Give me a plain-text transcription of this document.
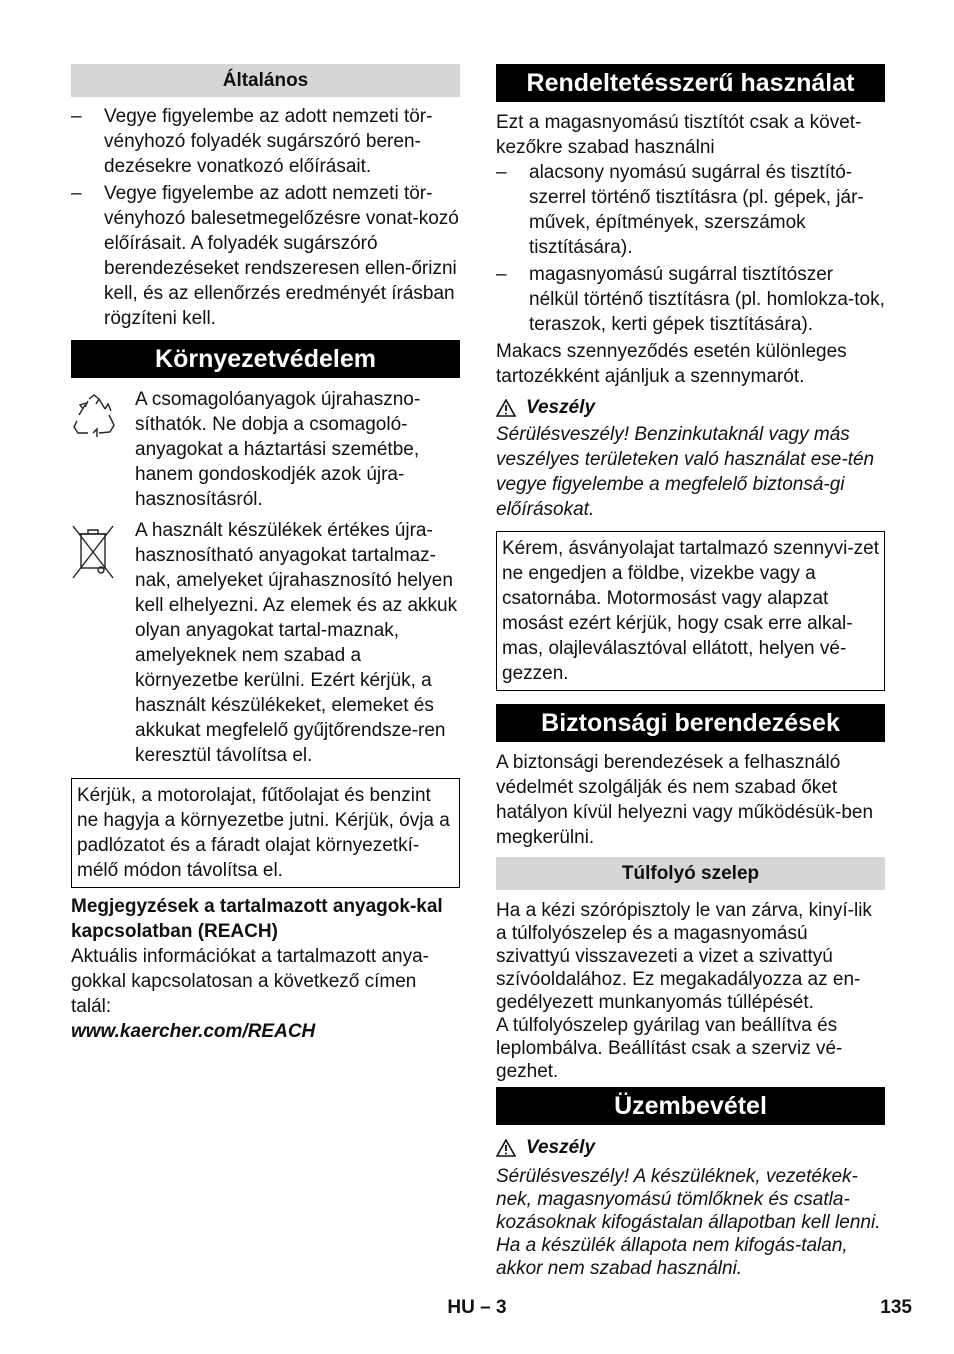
Általános
– Vegye figyelembe az adott nemzeti tör-vényhozó folyadék sugárszóró beren-dezésekre vonatkozó előírásait.
– Vegye figyelembe az adott nemzeti tör-vényhozó balesetmegelőzésre vonat-kozó előírásait. A folyadék sugárszóró berendezéseket rendszeresen ellen-őrizni kell, és az ellenőrzés eredményét írásban rögzíteni kell.
Környezetvédelem

A csomagolóanyagok újrahaszno-síthatók. Ne dobja a csomagoló-anyagokat a háztartási szemétbe, hanem gondoskodjék azok újra-hasznosításról.

A használt készülékek értékes újra-hasznosítható anyagokat tartalmaz-nak, amelyeket újrahasznosító helyen kell elhelyezni. Az elemek és az akkuk olyan anyagokat tartal-maznak, amelyeknek nem szabad a környezetbe kerülni. Ezért kérjük, a használt készülékeket, elemeket és akkukat megfelelő gyűjtőrendsze-ren keresztül távolítsa el.

Kérjük, a motorolajat, fűtőolajat és benzint ne hagyja a környezetbe jutni. Kérjük, óvja a padlózatot és a fáradt olajat környezetkí-mélő módon távolítsa el.

Megjegyzések a tartalmazott anyagok-kal kapcsolatban (REACH)

Aktuális információkat a tartalmazott anya-gokkal kapcsolatosan a következő címen talál:

www.kaercher.com/REACH

Rendeltetésszerű használat

Ezt a magasnyomású tisztítót csak a követ-kezőkre szabad használni

– alacsony nyomású sugárral és tisztító-szerrel történő tisztításra (pl. gépek, jár-művek, építmények, szerszámok tisztítására).
– magasnyomású sugárral tisztítószer nélkül történő tisztításra (pl. homlokza-tok, teraszok, kerti gépek tisztítására).

Makacs szennyeződés esetén különleges tartozékként ajánljuk a szennymarót.

Veszély

Sérülésveszély! Benzinkutaknál vagy más veszélyes területeken való használat ese-tén vegye figyelembe a megfelelő biztonsá-gi előírásokat.

Kérem, ásványolajat tartalmazó szennyvi-zet ne engedjen a földbe, vizekbe vagy a csatornába. Motormosást vagy alapzat mosást ezért kérjük, hogy csak erre alkal-mas, olajleválasztóval ellátott, helyen vé-gezzen.
Biztonsági berendezések

A biztonsági berendezések a felhasználó védelmét szolgálják és nem szabad őket hatályon kívül helyezni vagy működésük-ben megkerülni.

Túlfolyó szelep

Ha a kézi szórópisztoly le van zárva, kinyí-lik a túlfolyószelep és a magasnyomású szivattyú visszavezeti a vizet a szivattyú szívóoldalához. Ez megakadályozza az en-gedélyezett munkanyomás túllépését.

A túlfolyószelep gyárilag van beállítva és leplombálva. Beállítást csak a szerviz vé-gezhet.

Üzembevétel
Veszély

Sérülésveszély! A készüléknek, vezetékek-nek, magasnyomású tömlőknek és csatla-kozásoknak kifogástalan állapotban kell lenni. Ha a készülék állapota nem kifogás-talan, akkor nem szabad használni.

HU – 3	135
